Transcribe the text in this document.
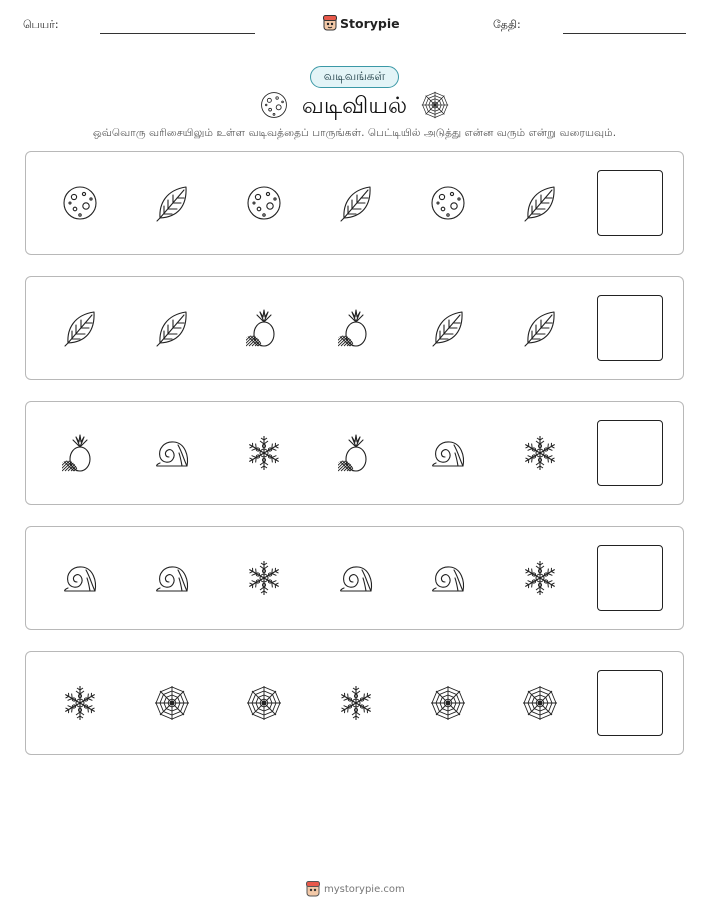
பெயர்:	Storypie	தேதி:
வடிவங்கள்
வடிவியல்
ஒவ்வொரு வரிசையிலும் உள்ள வடிவத்தைப் பாருங்கள். பெட்டியில் அடுத்து என்ன வரும் என்று வரையவும்.
mystorypie.com
